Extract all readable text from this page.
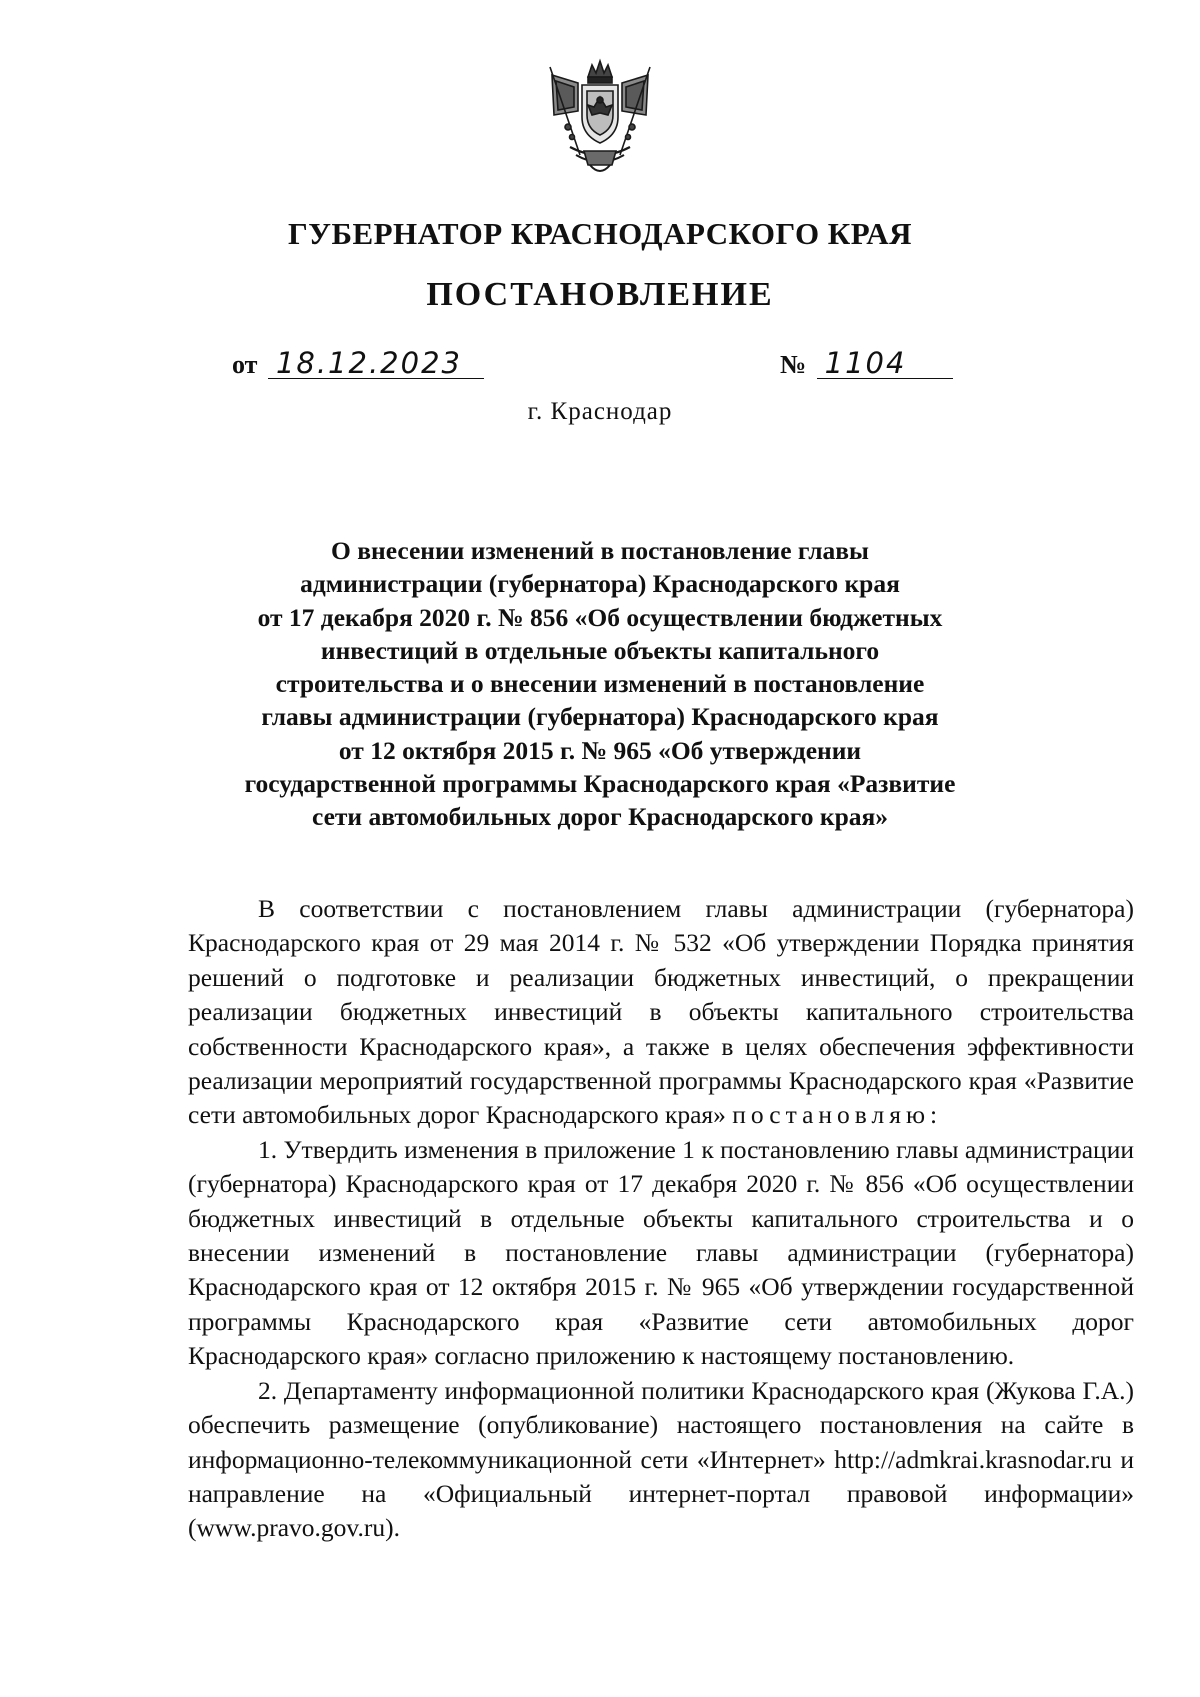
ГУБЕРНАТОР КРАСНОДАРСКОГО КРАЯ
ПОСТАНОВЛЕНИЕ
от 18.12.2023	№ 1104
г. Краснодар
О внесении изменений в постановление главы
администрации (губернатора) Краснодарского края
от 17 декабря 2020 г. № 856 «Об осуществлении бюджетных
инвестиций в отдельные объекты капитального
строительства и о внесении изменений в постановление
главы администрации (губернатора) Краснодарского края
от 12 октября 2015 г. № 965 «Об утверждении
государственной программы Краснодарского края «Развитие
сети автомобильных дорог Краснодарского края»

В соответствии с постановлением главы администрации (губернатора) Краснодарского края от 29 мая 2014 г. № 532 «Об утверждении Порядка принятия решений о подготовке и реализации бюджетных инвестиций, о прекращении реализации бюджетных инвестиций в объекты капитального строительства собственности Краснодарского края», а также в целях обеспечения эффективности реализации мероприятий государственной программы Краснодарского края «Развитие сети автомобильных дорог Краснодарского края» постановляю:

1. Утвердить изменения в приложение 1 к постановлению главы администрации (губернатора) Краснодарского края от 17 декабря 2020 г. № 856 «Об осуществлении бюджетных инвестиций в отдельные объекты капитального строительства и о внесении изменений в постановление главы администрации (губернатора) Краснодарского края от 12 октября 2015 г. № 965 «Об утверждении государственной программы Краснодарского края «Развитие сети автомобильных дорог Краснодарского края» согласно приложению к настоящему постановлению.

2. Департаменту информационной политики Краснодарского края (Жукова Г.А.) обеспечить размещение (опубликование) настоящего постановления на сайте в информационно-телекоммуникационной сети «Интернет» http://admkrai.krasnodar.ru и направление на «Официальный интернет-портал правовой информации» (www.pravo.gov.ru).
